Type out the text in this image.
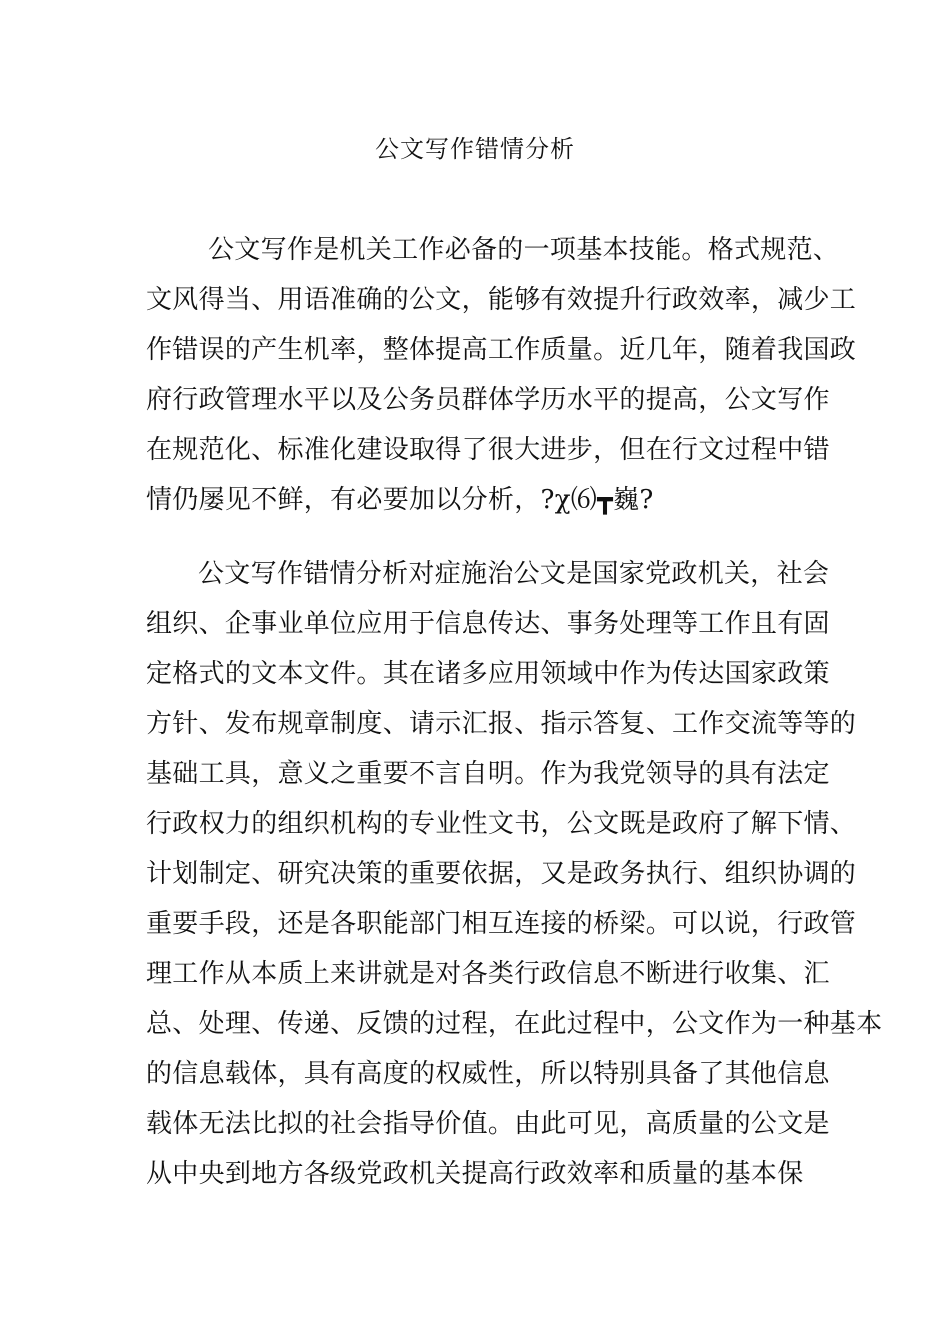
公文写作错情分析
公文写作是机关工作必备的一项基本技能。格式规范、
文风得当、用语准确的公文，能够有效提升行政效率，减少工
作错误的产生机率，整体提高工作质量。近几年，随着我国政
府行政管理水平以及公务员群体学历水平的提高，公文写作
在规范化、标准化建设取得了很大进步，但在行文过程中错
情仍屡见不鲜，有必要加以分析，?χ⑹┳巍?
公文写作错情分析对症施治公文是国家党政机关，社会
组织、企事业单位应用于信息传达、事务处理等工作且有固
定格式的文本文件。其在诸多应用领域中作为传达国家政策
方针、发布规章制度、请示汇报、指示答复、工作交流等等的
基础工具，意义之重要不言自明。作为我党领导的具有法定
行政权力的组织机构的专业性文书，公文既是政府了解下情、
计划制定、研究决策的重要依据，又是政务执行、组织协调的
重要手段，还是各职能部门相互连接的桥梁。可以说，行政管
理工作从本质上来讲就是对各类行政信息不断进行收集、汇
总、处理、传递、反馈的过程，在此过程中，公文作为一种基本
的信息载体，具有高度的权威性，所以特别具备了其他信息
载体无法比拟的社会指导价值。由此可见，高质量的公文是
从中央到地方各级党政机关提高行政效率和质量的基本保
